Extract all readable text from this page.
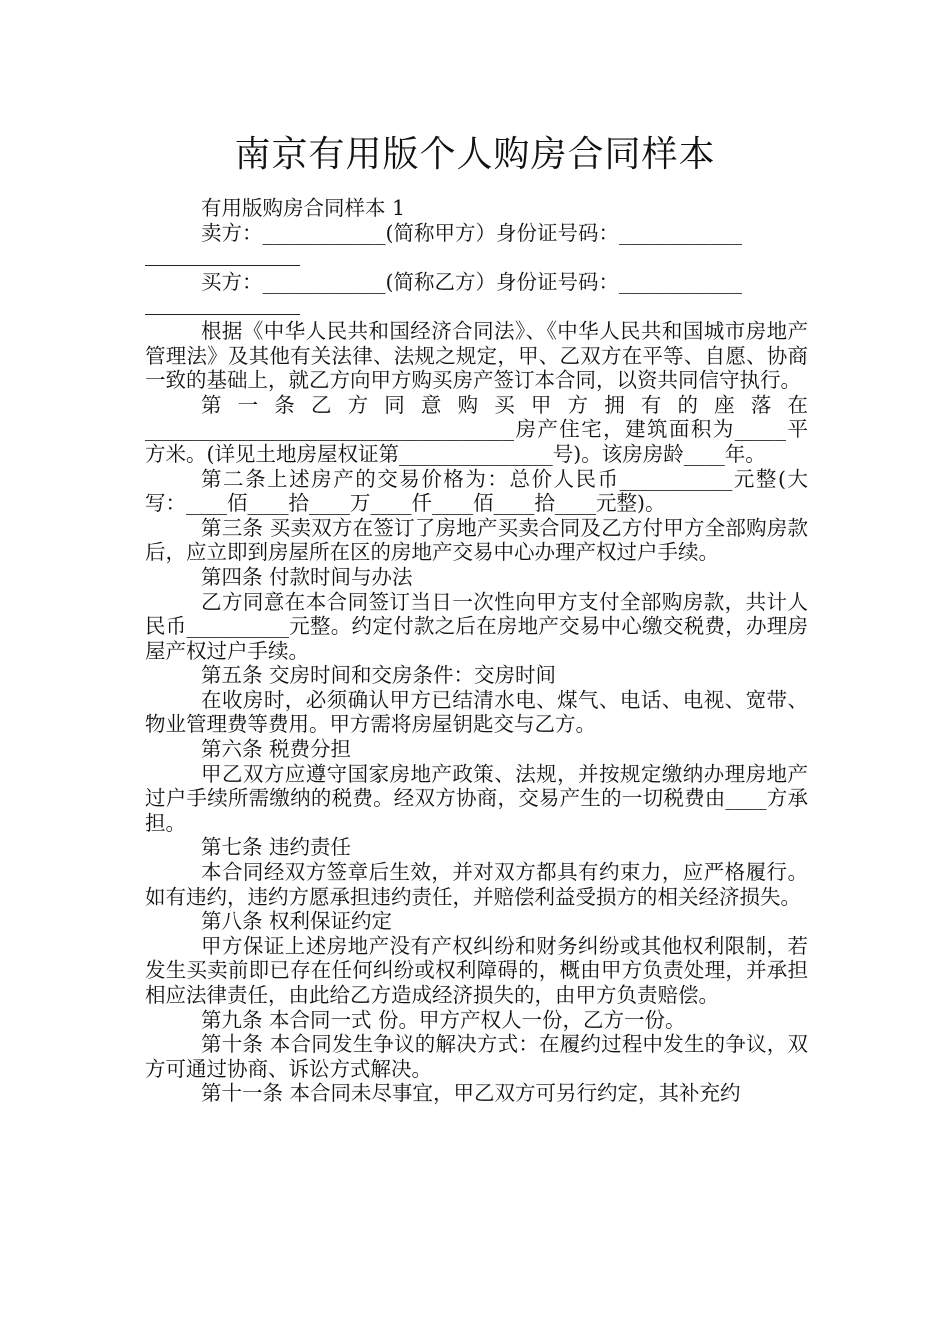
南京有用版个人购房合同样本

有用版购房合同样本 1

卖方：____________(简称甲方）身份证号码：____________

买方：____________(简称乙方）身份证号码：____________

根据《中华人民共和国经济合同法》、《中华人民共和国城市房地产管理法》及其他有关法律、法规之规定，甲、乙双方在平等、自愿、协商一致的基础上，就乙方向甲方购买房产签订本合同，以资共同信守执行。

第一条乙方同意购买甲方拥有的座落在____________________________________房产住宅，建筑面积为_____平方米。(详见土地房屋权证第_______________号)。该房房龄____年。

第二条上述房产的交易价格为：总价人民币___________元整(大写：____佰____拾____万____仟____佰____拾____元整)。

第三条 买卖双方在签订了房地产买卖合同及乙方付甲方全部购房款后，应立即到房屋所在区的房地产交易中心办理产权过户手续。

第四条 付款时间与办法

乙方同意在本合同签订当日一次性向甲方支付全部购房款，共计人民币__________元整。约定付款之后在房地产交易中心缴交税费，办理房屋产权过户手续。

第五条 交房时间和交房条件：交房时间

在收房时，必须确认甲方已结清水电、煤气、电话、电视、宽带、物业管理费等费用。甲方需将房屋钥匙交与乙方。

第六条 税费分担

甲乙双方应遵守国家房地产政策、法规，并按规定缴纳办理房地产过户手续所需缴纳的税费。经双方协商，交易产生的一切税费由____方承担。

第七条 违约责任

本合同经双方签章后生效，并对双方都具有约束力，应严格履行。如有违约，违约方愿承担违约责任，并赔偿利益受损方的相关经济损失。

第八条 权利保证约定

甲方保证上述房地产没有产权纠纷和财务纠纷或其他权利限制，若发生买卖前即已存在任何纠纷或权利障碍的，概由甲方负责处理，并承担相应法律责任，由此给乙方造成经济损失的，由甲方负责赔偿。

第九条 本合同一式 份。甲方产权人一份，乙方一份。

第十条 本合同发生争议的解决方式：在履约过程中发生的争议，双方可通过协商、诉讼方式解决。

第十一条 本合同未尽事宜，甲乙双方可另行约定，其补充约
